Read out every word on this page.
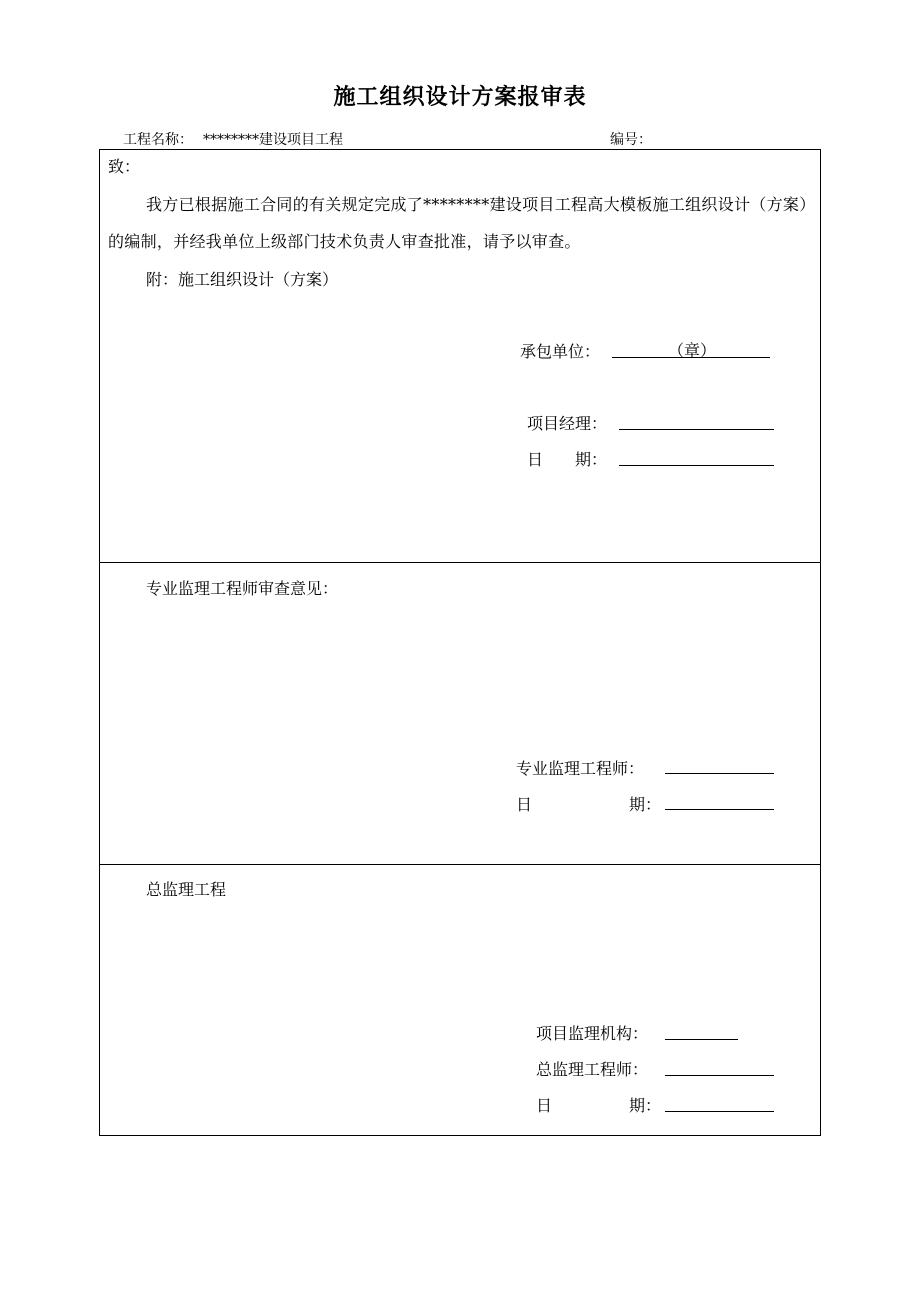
施工组织设计方案报审表
工程名称： ********建设项目工程	编号：
致：
我方已根据施工合同的有关规定完成了********建设项目工程高大模板施工组织设计（方案）的编制，并经我单位上级部门技术负责人审查批准，请予以审查。
附：施工组织设计（方案）
承包单位：	（章）
项目经理：
日　　期：
专业监理工程师审查意见：
专业监理工程师：
日	期：
总监理工程
项目监理机构：
总监理工程师：
日	期：
